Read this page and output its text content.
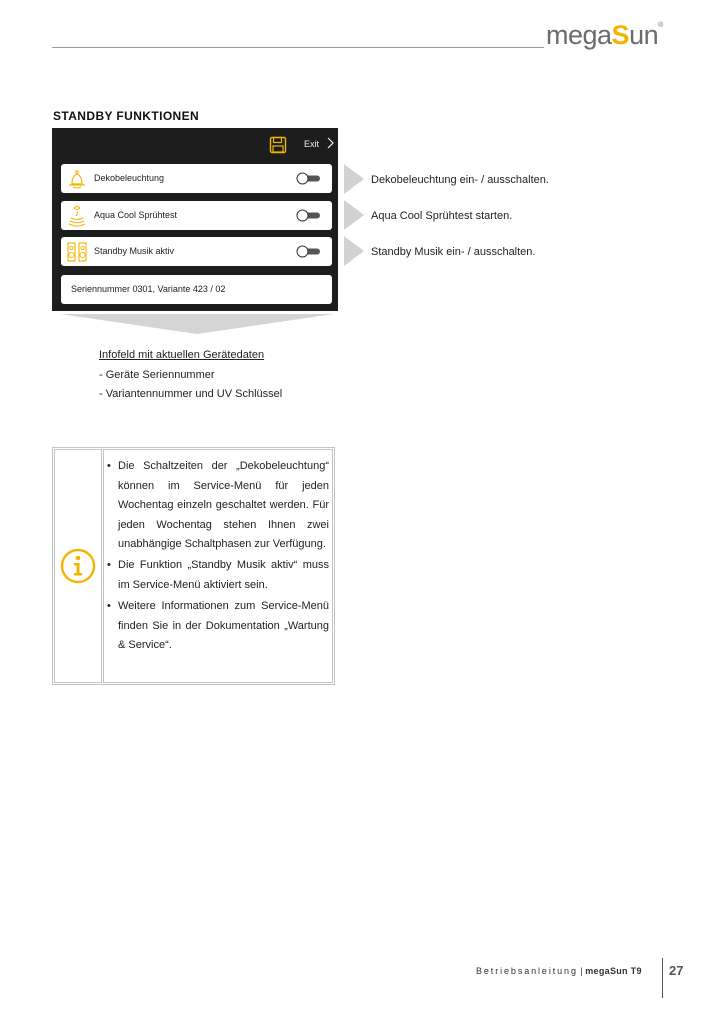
megaSun®
STANDBY FUNKTIONEN
Exit
Dekobeleuchtung
Aqua Cool Sprühtest
Standby Musik aktiv
Seriennummer 0301, Variante 423 / 02
Dekobeleuchtung ein- / ausschalten.
Aqua Cool Sprühtest starten.
Standby Musik ein- / ausschalten.
Infofeld mit aktuellen Gerätedaten
- Geräte Seriennummer
- Variantennummer und UV Schlüssel
• Die Schaltzeiten der „Dekobeleuchtung“ können im Service-Menü für jeden Wochentag einzeln geschaltet werden. Für jeden Wochentag stehen Ihnen zwei unabhängige Schaltphasen zur Verfügung.
• Die Funktion „Standby Musik aktiv“ muss im Service-Menü aktiviert sein.
• Weitere Informationen zum Service-Menü finden Sie in der Dokumentation „Wartung & Service“.
Betriebsanleitung | megaSun T9 27
